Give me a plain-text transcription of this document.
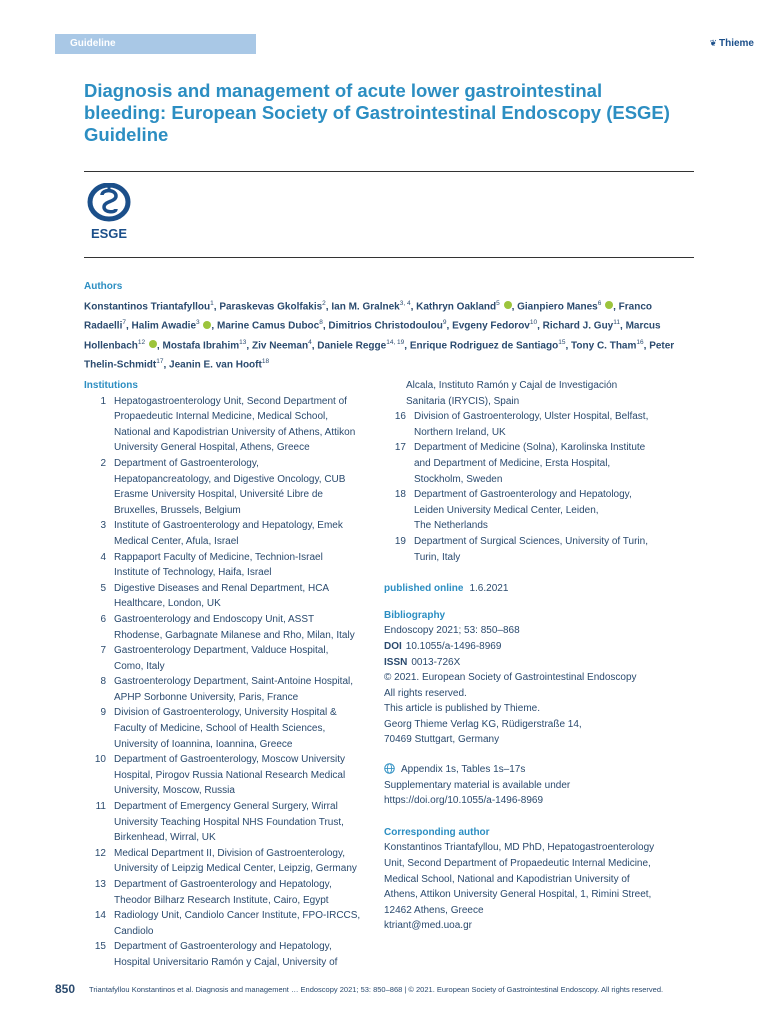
Guideline	❦ Thieme
Diagnosis and management of acute lower gastrointestinal bleeding: European Society of Gastrointestinal Endoscopy (ESGE) Guideline
ESGE
Authors
Konstantinos Triantafyllou$^1$, Paraskevas Gkolfakis$^2$, Ian M. Gralnek$^{3, 4}$, Kathryn Oakland$^5$ , Gianpiero Manes$^6$ , Franco Radaelli$^7$, Halim Awadie$^3$ , Marine Camus Duboc$^8$, Dimitrios Christodoulou$^9$, Evgeny Fedorov$^{10}$, Richard J. Guy$^{11}$, Marcus Hollenbach$^{12}$ , Mostafa Ibrahim$^{13}$, Ziv Neeman$^4$, Daniele Regge$^{14, 19}$, Enrique Rodriguez de Santiago$^{15}$, Tony C. Tham$^{16}$, Peter Thelin-Schmidt$^{17}$, Jeanin E. van Hooft$^{18}$
Institutions
1 Hepatogastroenterology Unit, Second Department of
Propaedeutic Internal Medicine, Medical School,
National and Kapodistrian University of Athens, Attikon
University General Hospital, Athens, Greece
2 Department of Gastroenterology,
Hepatopancreatology, and Digestive Oncology, CUB
Erasme University Hospital, Université Libre de
Bruxelles, Brussels, Belgium
3 Institute of Gastroenterology and Hepatology, Emek
Medical Center, Afula, Israel
4 Rappaport Faculty of Medicine, Technion-Israel
Institute of Technology, Haifa, Israel
5 Digestive Diseases and Renal Department, HCA
Healthcare, London, UK
6 Gastroenterology and Endoscopy Unit, ASST
Rhodense, Garbagnate Milanese and Rho, Milan, Italy
7 Gastroenterology Department, Valduce Hospital,
Como, Italy
8 Gastroenterology Department, Saint-Antoine Hospital,
APHP Sorbonne University, Paris, France
9 Division of Gastroenterology, University Hospital &
Faculty of Medicine, School of Health Sciences,
University of Ioannina, Ioannina, Greece
10 Department of Gastroenterology, Moscow University
Hospital, Pirogov Russia National Research Medical
University, Moscow, Russia
11 Department of Emergency General Surgery, Wirral
University Teaching Hospital NHS Foundation Trust,
Birkenhead, Wirral, UK
12 Medical Department II, Division of Gastroenterology,
University of Leipzig Medical Center, Leipzig, Germany
13 Department of Gastroenterology and Hepatology,
Theodor Bilharz Research Institute, Cairo, Egypt
14 Radiology Unit, Candiolo Cancer Institute, FPO-IRCCS,
Candiolo
15 Department of Gastroenterology and Hepatology,
Hospital Universitario Ramón y Cajal, University of
Alcala, Instituto Ramón y Cajal de Investigación
Sanitaria (IRYCIS), Spain
16 Division of Gastroenterology, Ulster Hospital, Belfast,
Northern Ireland, UK
17 Department of Medicine (Solna), Karolinska Institute
and Department of Medicine, Ersta Hospital,
Stockholm, Sweden
18 Department of Gastroenterology and Hepatology,
Leiden University Medical Center, Leiden,
The Netherlands
19 Department of Surgical Sciences, University of Turin,
Turin, Italy
published online 1.6.2021
Bibliography
Endoscopy 2021; 53: 850–868
DOI 10.1055/a-1496-8969
ISSN 0013-726X
© 2021. European Society of Gastrointestinal Endoscopy
All rights reserved.
This article is published by Thieme.
Georg Thieme Verlag KG, Rüdigerstraße 14,
70469 Stuttgart, Germany
Appendix 1s, Tables 1s–17s
Supplementary material is available under
https://doi.org/10.1055/a-1496-8969
Corresponding author
Konstantinos Triantafyllou, MD PhD, Hepatogastroenterology
Unit, Second Department of Propaedeutic Internal Medicine,
Medical School, National and Kapodistrian University of
Athens, Attikon University General Hospital, 1, Rimini Street,
12462 Athens, Greece
ktriant@med.uoa.gr
850 Triantafyllou Konstantinos et al. Diagnosis and management … Endoscopy 2021; 53: 850–868 | © 2021. European Society of Gastrointestinal Endoscopy. All rights reserved.
